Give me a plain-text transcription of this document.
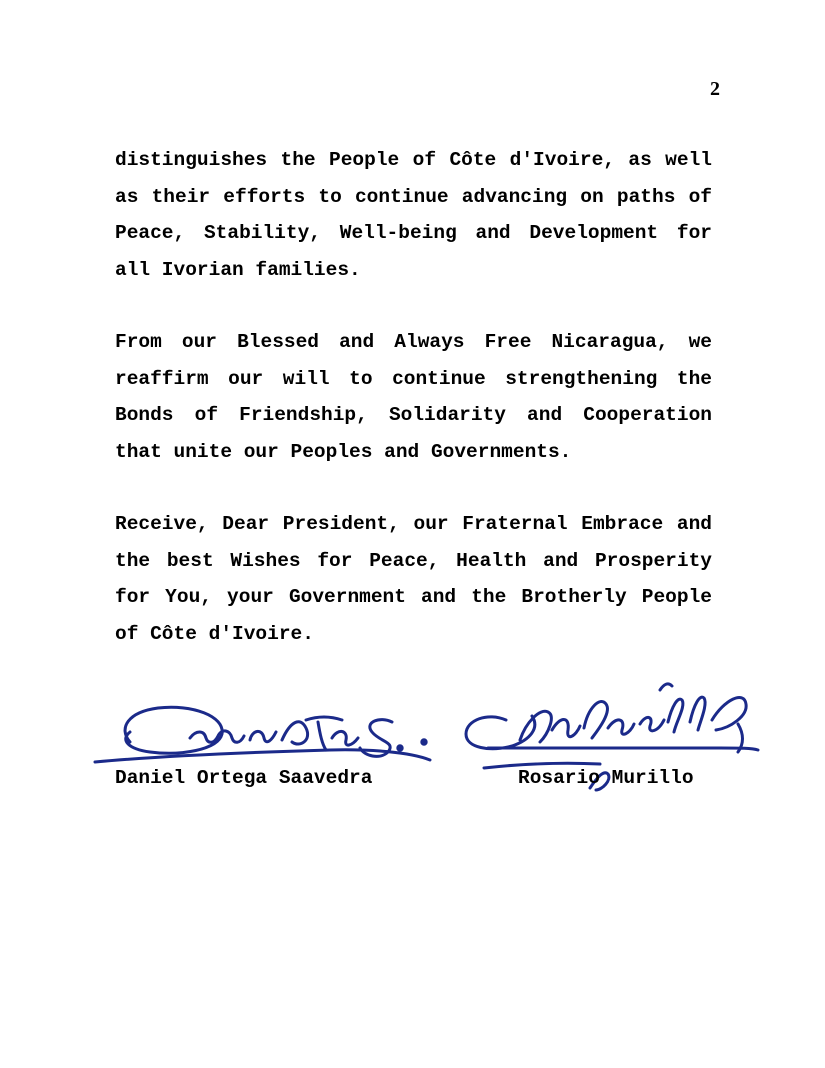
2

distinguishes the People of Côte d'Ivoire, as well as their efforts to continue advancing on paths of Peace, Stability, Well-being and Development for all Ivorian families.

From our Blessed and Always Free Nicaragua, we reaffirm our will to continue strengthening the Bonds of Friendship, Solidarity and Cooperation that unite our Peoples and Governments.

Receive, Dear President, our Fraternal Embrace and the best Wishes for Peace, Health and Prosperity for You, your Government and the Brotherly People of Côte d'Ivoire.

Daniel Ortega Saavedra	Rosario Murillo
